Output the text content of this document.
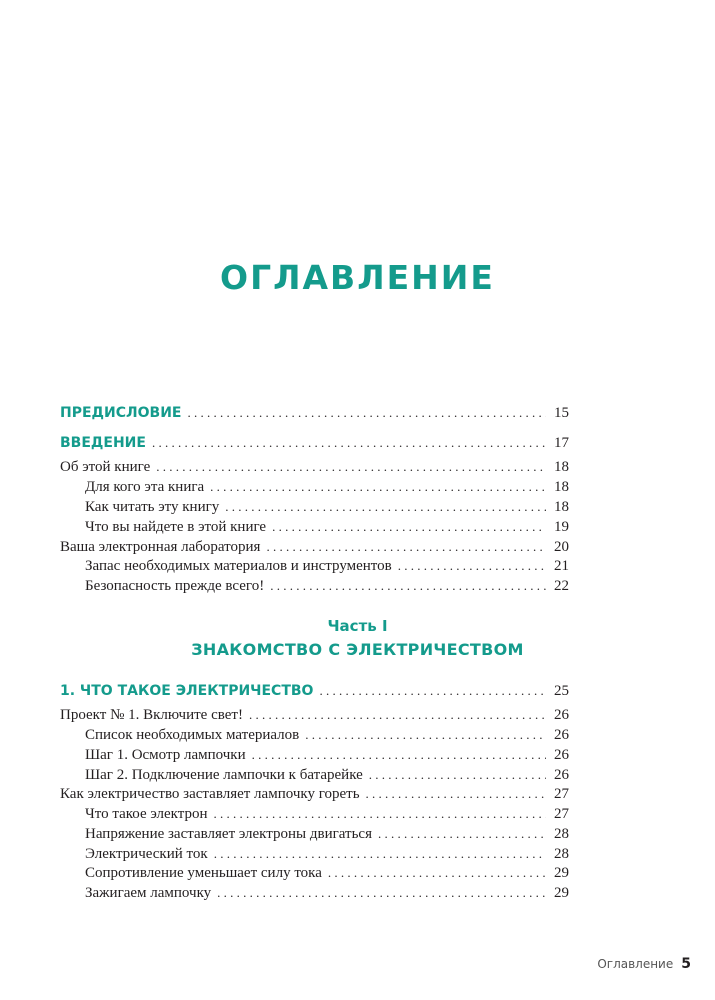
ОГЛАВЛЕНИЕ
ПРЕДИСЛОВИЕ . . .	15
ВВЕДЕНИЕ . . .	17
Об этой книге . . .	18
Для кого эта книга . . .	18
Как читать эту книгу . . .	18
Что вы найдете в этой книге . . .	19
Ваша электронная лаборатория . . .	20
Запас необходимых материалов и инструментов . . .	21
Безопасность прежде всего! . . .	22
Часть I
ЗНАКОМСТВО С ЭЛЕКТРИЧЕСТВОМ
1. ЧТО ТАКОЕ ЭЛЕКТРИЧЕСТВО . . .	25
Проект № 1. Включите свет! . . .	26
Список необходимых материалов . . .	26
Шаг 1. Осмотр лампочки . . .	26
Шаг 2. Подключение лампочки к батарейке . . .	26
Как электричество заставляет лампочку гореть . . .	27
Что такое электрон . . .	27
Напряжение заставляет электроны двигаться . . .	28
Электрический ток . . .	28
Сопротивление уменьшает силу тока . . .	29
Зажигаем лампочку . . .	29
Оглавление 5
